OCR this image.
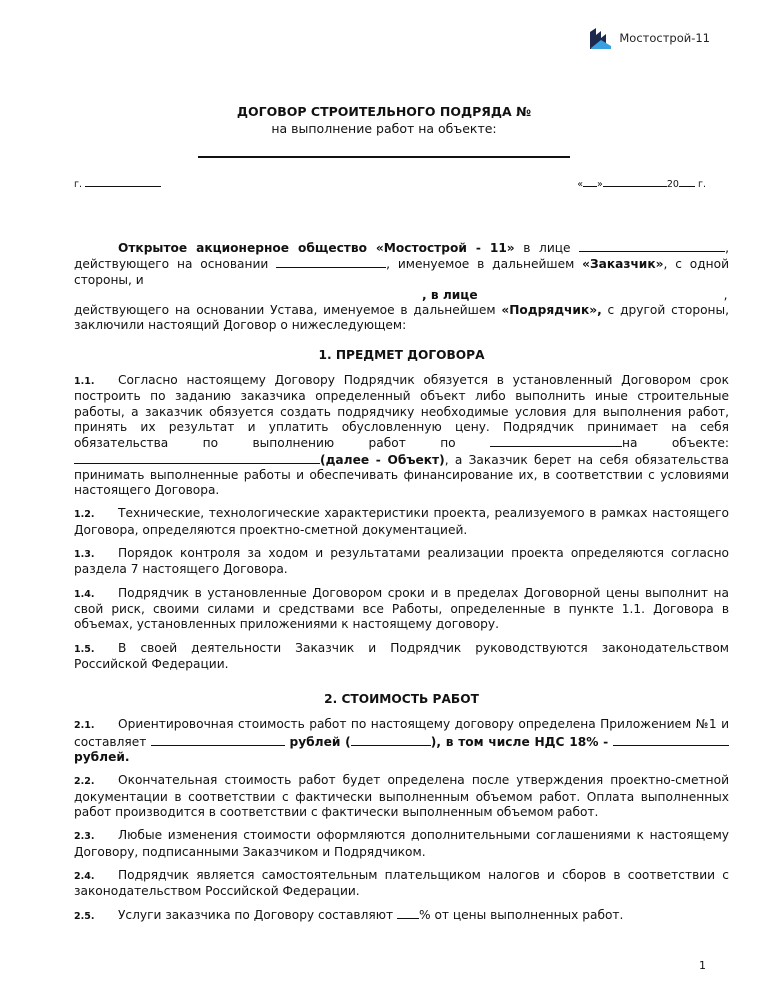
Мостострой-11
ДОГОВОР СТРОИТЕЛЬНОГО ПОДРЯДА №
на выполнение работ на объекте:
г.	« »	20 г.

Открытое акционерное общество «Мостострой - 11» в лице	, действующего на основании	, именуемое в дальнейшем «Заказчик», с одной стороны, и
, в лице	,
действующего на основании Устава, именуемое в дальнейшем «Подрядчик», с другой стороны, заключили настоящий Договор о нижеследующем:

1. ПРЕДМЕТ ДОГОВОРА

1.1. Согласно настоящему Договору Подрядчик обязуется в установленный Договором срок построить по заданию заказчика определенный объект либо выполнить иные строительные работы, а заказчик обязуется создать подрядчику необходимые условия для выполнения работ, принять их результат и уплатить обусловленную цену. Подрядчик принимает на себя обязательства по выполнению работ по	на объекте: (далее - Объект), а Заказчик берет на себя обязательства принимать выполненные работы и обеспечивать финансирование их, в соответствии с условиями настоящего Договора.

1.2. Технические, технологические характеристики проекта, реализуемого в рамках настоящего Договора, определяются проектно-сметной документацией.

1.3. Порядок контроля за ходом и результатами реализации проекта определяются согласно раздела 7 настоящего Договора.

1.4. Подрядчик в установленные Договором сроки и в пределах Договорной цены выполнит на свой риск, своими силами и средствами все Работы, определенные в пункте 1.1. Договора в объемах, установленных приложениями к настоящему договору.

1.5. В своей деятельности Заказчик и Подрядчик руководствуются законодательством Российской Федерации.

2. СТОИМОСТЬ РАБОТ

2.1. Ориентировочная стоимость работ по настоящему договору определена Приложением №1 и составляет	рублей (	), в том числе НДС 18% -  рублей.

2.2. Окончательная стоимость работ будет определена после утверждения проектно-сметной документации в соответствии с фактически выполненным объемом работ. Оплата выполненных работ производится в соответствии с фактически выполненным объемом работ.

2.3. Любые изменения стоимости оформляются дополнительными соглашениями к настоящему Договору, подписанными Заказчиком и Подрядчиком.

2.4. Подрядчик является самостоятельным плательщиком налогов и сборов в соответствии с законодательством Российской Федерации.

2.5. Услуги заказчика по Договору составляют % от цены выполненных работ.

1
